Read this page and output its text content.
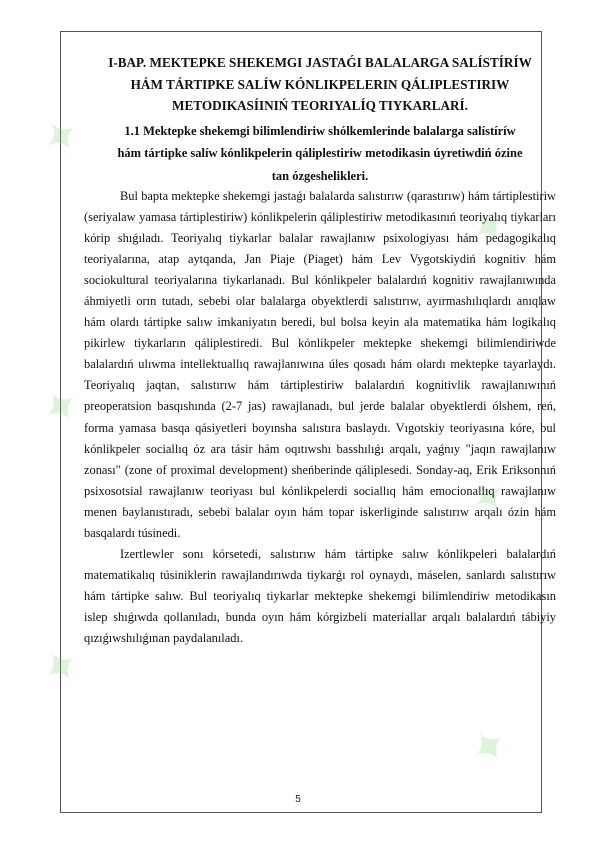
✦
✦
✦
✦
✦
✦

I-BAP. MEKTEPKE SHEKEMGI JASTAǴI BALALARGA SALÍSTÍRÍW

HÁM TÁRTIPKE SALÍW KÓNLIKPELERIN QÁLIPLESTIRIW

METODIKASÍINIŃ TEORIYALÍQ TIYKARLARÍ.

1.1 Mektepke shekemgi bilimlendiriw shólkemlerinde balalarga salístíríw

hám tártipke salíw kónlikpelerin qáliplestiriw metodikasin úyretiwdiń ózine

tan ózgeshelikleri.

Bul bapta mektepke shekemgi jastaǵı balalarda salıstırıw (qarastırıw) hám tártiplestiriw (seriyalaw yamasa tártiplestiriw) kónlikpelerin qáliplestiriw metodikasınıń teoriyalıq tiykarları kórip shıǵıladı. Teoriyalıq tiykarlar balalar rawajlanıw psixologiyası hám pedagogikalıq teoriyalarına, atap aytqanda, Jan Piaje (Piaget) hám Lev Vygotskiydiń kognitiv hám sociokultural teoriyalarına tiykarlanadı. Bul kónlikpeler balalardıń kognitiv rawajlanıwında áhmiyetli orın tutadı, sebebi olar balalarga obyektlerdi salıstırıw, ayırmashılıqlardı anıqlaw hám olardı tártipke salıw imkaniyatın beredi, bul bolsa keyin ala matematika hám logikalıq pikirlew tiykarların qáliplestiredi. Bul kónlikpeler mektepke shekemgi bilimlendiriwde balalardıń ulıwma intellektuallıq rawajlanıwına úles qosadı hám olardı mektepke tayarlaydı. Teoriyalıq jaqtan, salıstırıw hám tártiplestiriw balalardıń kognitivlik rawajlanıwınıń preoperatsion basqıshında (2-7 jas) rawajlanadı, bul jerde balalar obyektlerdi ólshem, reń, forma yamasa basqa qásiyetleri boyınsha salıstıra baslaydı. Vıgotskiy teoriyasına kóre, bul kónlikpeler sociallıq óz ara tásir hám oqıtıwshı basshılıǵı arqalı, yaǵnıy "jaqın rawajlanıw zonası" (zone of proximal development) sheńberinde qáliplesedi. Sonday-aq, Erik Eriksonnıń psixosotsial rawajlanıw teoriyası bul kónlikpelerdi sociallıq hám emocionallıq rawajlanıw menen baylanıstıradı, sebebi balalar oyın hám topar iskerliginde salıstırıw arqalı ózin hám basqalardı túsinedi.

Izertlewler sonı kórsetedi, salıstırıw hám tártipke salıw kónlikpeleri balalardıń matematikalıq túsiniklerin rawajlandırıwda tiykarǵı rol oynaydı, máselen, sanlardı salıstırıw hám tártipke salıw. Bul teoriyalıq tiykarlar mektepke shekemgi bilimlendiriw metodikasın islep shıǵıwda qollanıladı, bunda oyın hám kórgizbeli materiallar arqalı balalardıń tábiyiy qızıǵıwshılıǵınan paydalanıladı.

5
